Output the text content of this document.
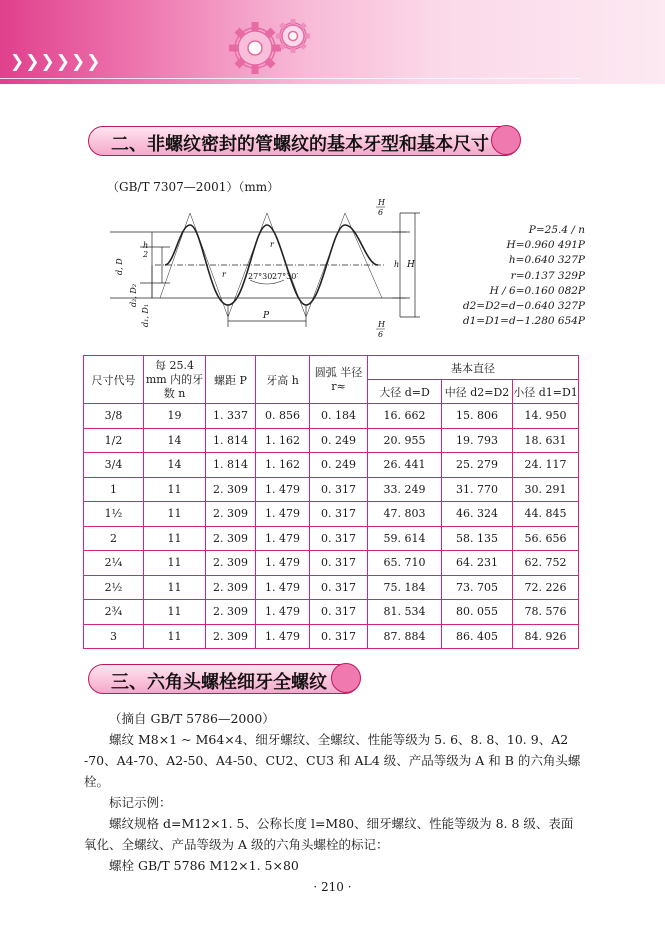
❯❯❯❯❯❯
二、非螺纹密封的管螺纹的基本牙型和基本尺寸
（GB/T 7307—2001）（mm）
H
6
H
6
H
h
h
2
d, D
d₂, D₂
d₁, D₁
r
r
27°30′
27°30′
P
P=25.4 / n
H=0.960 491P
h=0.640 327P
r=0.137 329P
H / 6=0.160 082P
d2=D2=d−0.640 327P
d1=D1=d−1.280 654P
尺寸代号	每 25.4 mm 内的牙数 n	螺距 P	牙高 h	圆弧 半径 r≈	基本直径		
					大径 d=D	中径 d2=D2	小径 d1=D1
3/8	19	1. 337	0. 856	0. 184	16. 662	15. 806	14. 950
1/2	14	1. 814	1. 162	0. 249	20. 955	19. 793	18. 631
3/4	14	1. 814	1. 162	0. 249	26. 441	25. 279	24. 117
1	11	2. 309	1. 479	0. 317	33. 249	31. 770	30. 291
1½	11	2. 309	1. 479	0. 317	47. 803	46. 324	44. 845
2	11	2. 309	1. 479	0. 317	59. 614	58. 135	56. 656
2¼	11	2. 309	1. 479	0. 317	65. 710	64. 231	62. 752
2½	11	2. 309	1. 479	0. 317	75. 184	73. 705	72. 226
2¾	11	2. 309	1. 479	0. 317	81. 534	80. 055	78. 576
3	11	2. 309	1. 479	0. 317	87. 884	86. 405	84. 926
三、六角头螺栓细牙全螺纹

（摘自 GB/T 5786—2000）

螺纹 M8×1 ~ M64×4、细牙螺纹、全螺纹、性能等级为 5. 6、8. 8、10. 9、A2 -70、A4-70、A2-50、A4-50、CU2、CU3 和 AL4 级、产品等级为 A 和 B 的六角头螺栓。

标记示例：

螺纹规格 d=M12×1. 5、公称长度 l=M80、细牙螺纹、性能等级为 8. 8 级、表面氧化、全螺纹、产品等级为 A 级的六角头螺栓的标记：

螺栓 GB/T 5786 M12×1. 5×80

· 210 ·
